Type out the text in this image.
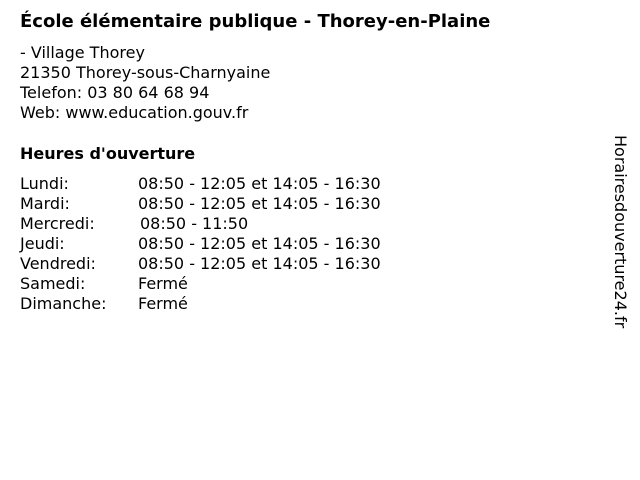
École élémentaire publique - Thorey-en-Plaine
- Village Thorey
21350 Thorey-sous-Charnyaine
Telefon: 03 80 64 68 94
Web: www.education.gouv.fr
Heures d'ouverture
Lundi:	08:50 - 12:05 et 14:05 - 16:30
Mardi:	08:50 - 12:05 et 14:05 - 16:30
Mercredi:	08:50 - 11:50
Jeudi:	08:50 - 12:05 et 14:05 - 16:30
Vendredi:	08:50 - 12:05 et 14:05 - 16:30
Samedi:	Fermé
Dimanche: Fermé	Horairesdouverture24.fr
